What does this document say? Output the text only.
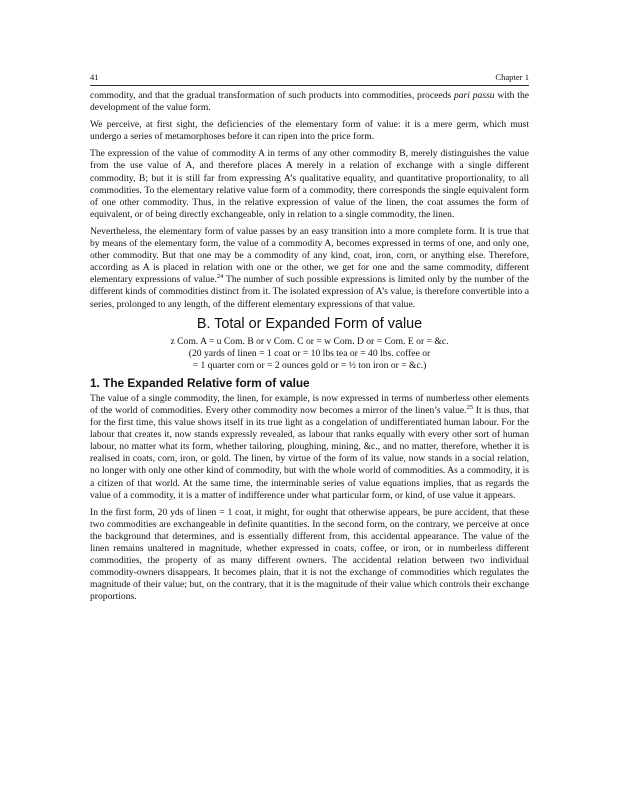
41	Chapter 1

commodity, and that the gradual transformation of such products into commodities, proceeds pari passu with the development of the value form.

We perceive, at first sight, the deficiencies of the elementary form of value: it is a mere germ, which must undergo a series of metamorphoses before it can ripen into the price form.

The expression of the value of commodity A in terms of any other commodity B, merely distinguishes the value from the use value of A, and therefore places A merely in a relation of exchange with a single different commodity, B; but it is still far from expressing A’s qualitative equality, and quantitative proportionality, to all commodities. To the elementary relative value form of a commodity, there corresponds the single equivalent form of one other commodity. Thus, in the relative expression of value of the linen, the coat assumes the form of equivalent, or of being directly exchangeable, only in relation to a single commodity, the linen.

Nevertheless, the elementary form of value passes by an easy transition into a more complete form. It is true that by means of the elementary form, the value of a commodity A, becomes expressed in terms of one, and only one, other commodity. But that one may be a commodity of any kind, coat, iron, corn, or anything else. Therefore, according as A is placed in relation with one or the other, we get for one and the same commodity, different elementary expressions of value.$^{24}$ The number of such possible expressions is limited only by the number of the different kinds of commodities distinct from it. The isolated expression of A’s value, is therefore convertible into a series, prolonged to any length, of the different elementary expressions of that value.

B. Total or Expanded Form of value

z Com. A = u Com. B or v Com. C or = w Com. D or = Com. E or = &c.

(20 yards of linen = 1 coat or = 10 lbs tea or = 40 lbs. coffee or

= 1 quarter corn or = 2 ounces gold or = ½ ton iron or = &c.)

1. The Expanded Relative form of value

The value of a single commodity, the linen, for example, is now expressed in terms of numberless other elements of the world of commodities. Every other commodity now becomes a mirror of the linen’s value.$^{25}$ It is thus, that for the first time, this value shows itself in its true light as a congelation of undifferentiated human labour. For the labour that creates it, now stands expressly revealed, as labour that ranks equally with every other sort of human labour, no matter what its form, whether tailoring, ploughing, mining, &c., and no matter, therefore, whether it is realised in coats, corn, iron, or gold. The linen, by virtue of the form of its value, now stands in a social relation, no longer with only one other kind of commodity, but with the whole world of commodities. As a commodity, it is a citizen of that world. At the same time, the interminable series of value equations implies, that as regards the value of a commodity, it is a matter of indifference under what particular form, or kind, of use value it appears.

In the first form, 20 yds of linen = 1 coat, it might, for ought that otherwise appears, be pure accident, that these two commodities are exchangeable in definite quantities. In the second form, on the contrary, we perceive at once the background that determines, and is essentially different from, this accidental appearance. The value of the linen remains unaltered in magnitude, whether expressed in coats, coffee, or iron, or in numberless different commodities, the property of as many different owners. The accidental relation between two individual commodity-owners disappears. It becomes plain, that it is not the exchange of commodities which regulates the magnitude of their value; but, on the contrary, that it is the magnitude of their value which controls their exchange proportions.
